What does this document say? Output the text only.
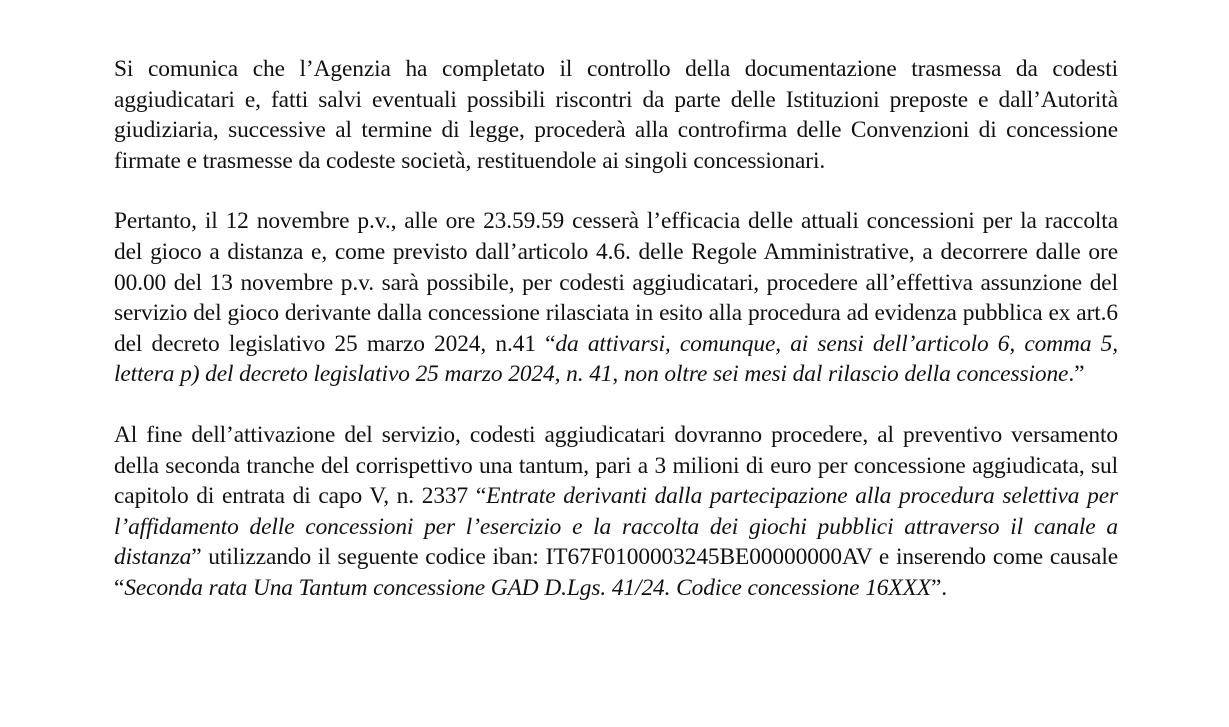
Si comunica che l’Agenzia ha completato il controllo della documentazione trasmessa da codesti aggiudicatari e, fatti salvi eventuali possibili riscontri da parte delle Istituzioni preposte e dall’Autorità giudiziaria, successive al termine di legge, procederà alla controfirma delle Convenzioni di concessione firmate e trasmesse da codeste società, restituendole ai singoli concessionari.

Pertanto, il 12 novembre p.v., alle ore 23.59.59 cesserà l’efficacia delle attuali concessioni per la raccolta del gioco a distanza e, come previsto dall’articolo 4.6. delle Regole Amministrative, a decorrere dalle ore 00.00 del 13 novembre p.v. sarà possibile, per codesti aggiudicatari, procedere all’effettiva assunzione del servizio del gioco derivante dalla concessione rilasciata in esito alla procedura ad evidenza pubblica ex art.6 del decreto legislativo 25 marzo 2024, n.41 “da attivarsi, comunque, ai sensi dell’articolo 6, comma 5, lettera p) del decreto legislativo 25 marzo 2024, n. 41, non oltre sei mesi dal rilascio della concessione.”

Al fine dell’attivazione del servizio, codesti aggiudicatari dovranno procedere, al preventivo versamento della seconda tranche del corrispettivo una tantum, pari a 3 milioni di euro per concessione aggiudicata, sul capitolo di entrata di capo V, n. 2337 “Entrate derivanti dalla partecipazione alla procedura selettiva per l’affidamento delle concessioni per l’esercizio e la raccolta dei giochi pubblici attraverso il canale a distanza” utilizzando il seguente codice iban: IT67F0100003245BE00000000AV e inserendo come causale “Seconda rata Una Tantum concessione GAD D.Lgs. 41/24. Codice concessione 16XXX”.
